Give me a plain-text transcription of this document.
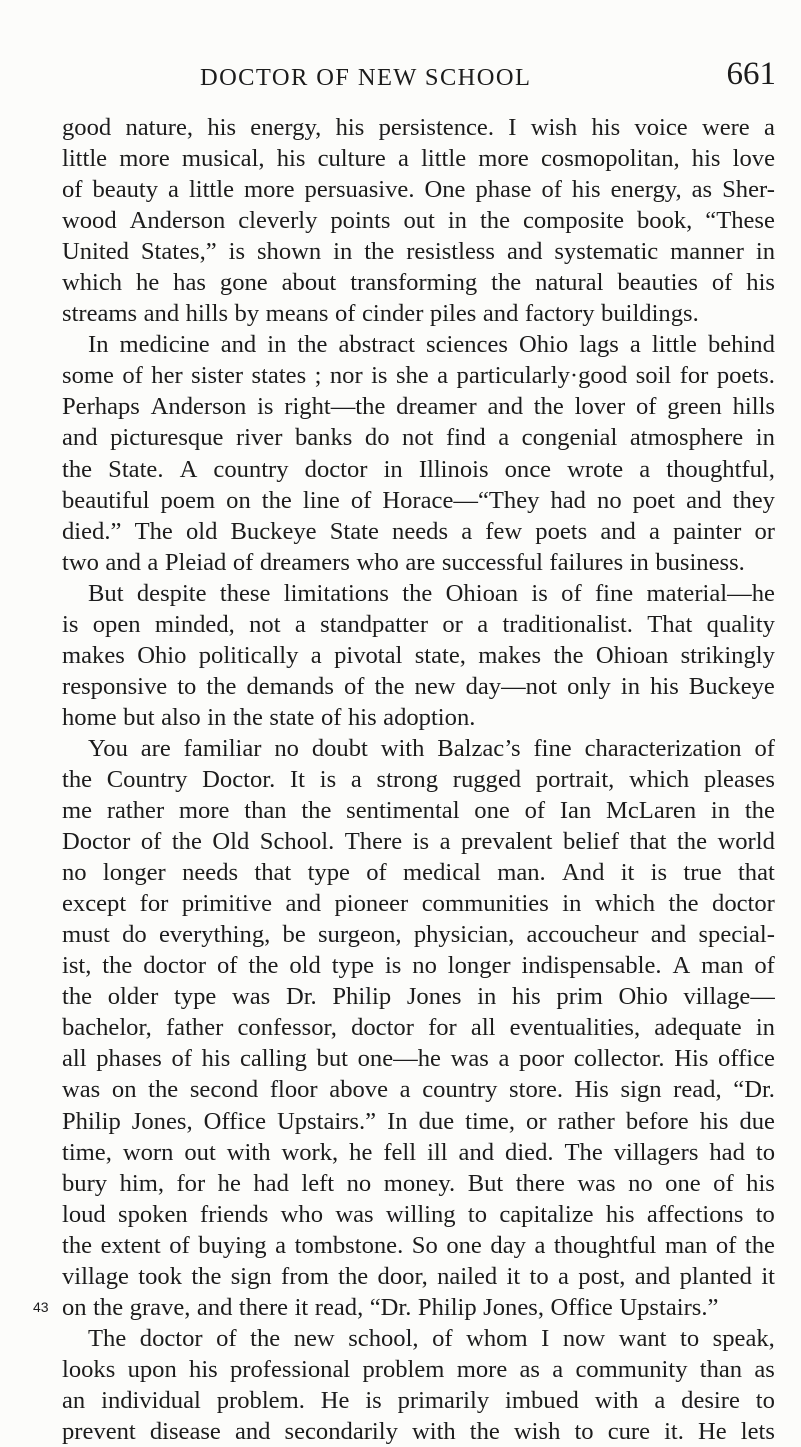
DOCTOR OF NEW SCHOOL	661
good nature, his energy, his persistence. I wish his voice were a
little more musical, his culture a little more cosmopolitan, his love
of beauty a little more persuasive. One phase of his energy, as Sher-
wood Anderson cleverly points out in the composite book, “These
United States,” is shown in the resistless and systematic manner in
which he has gone about transforming the natural beauties of his
streams and hills by means of cinder piles and factory buildings.
In medicine and in the abstract sciences Ohio lags a little behind
some of her sister states ; nor is she a particularly·good soil for poets.
Perhaps Anderson is right—the dreamer and the lover of green hills
and picturesque river banks do not find a congenial atmosphere in
the State. A country doctor in Illinois once wrote a thoughtful,
beautiful poem on the line of Horace—“They had no poet and they
died.” The old Buckeye State needs a few poets and a painter or
two and a Pleiad of dreamers who are successful failures in business.
But despite these limitations the Ohioan is of fine material—he
is open minded, not a standpatter or a traditionalist. That quality
makes Ohio politically a pivotal state, makes the Ohioan strikingly
responsive to the demands of the new day—not only in his Buckeye
home but also in the state of his adoption.
You are familiar no doubt with Balzac’s fine characterization of
the Country Doctor. It is a strong rugged portrait, which pleases
me rather more than the sentimental one of Ian McLaren in the
Doctor of the Old School. There is a prevalent belief that the world
no longer needs that type of medical man. And it is true that
except for primitive and pioneer communities in which the doctor
must do everything, be surgeon, physician, accoucheur and special-
ist, the doctor of the old type is no longer indispensable. A man of
the older type was Dr. Philip Jones in his prim Ohio village—
bachelor, father confessor, doctor for all eventualities, adequate in
all phases of his calling but one—he was a poor collector. His office
was on the second floor above a country store. His sign read, “Dr.
Philip Jones, Office Upstairs.” In due time, or rather before his due
time, worn out with work, he fell ill and died. The villagers had to
bury him, for he had left no money. But there was no one of his
loud spoken friends who was willing to capitalize his affections to
the extent of buying a tombstone. So one day a thoughtful man of the
village took the sign from the door, nailed it to a post, and planted it
on the grave, and there it read, “Dr. Philip Jones, Office Upstairs.”
The doctor of the new school, of whom I now want to speak,
looks upon his professional problem more as a community than as
an individual problem. He is primarily imbued with a desire to
prevent disease and secondarily with the wish to cure it. He lets
43
